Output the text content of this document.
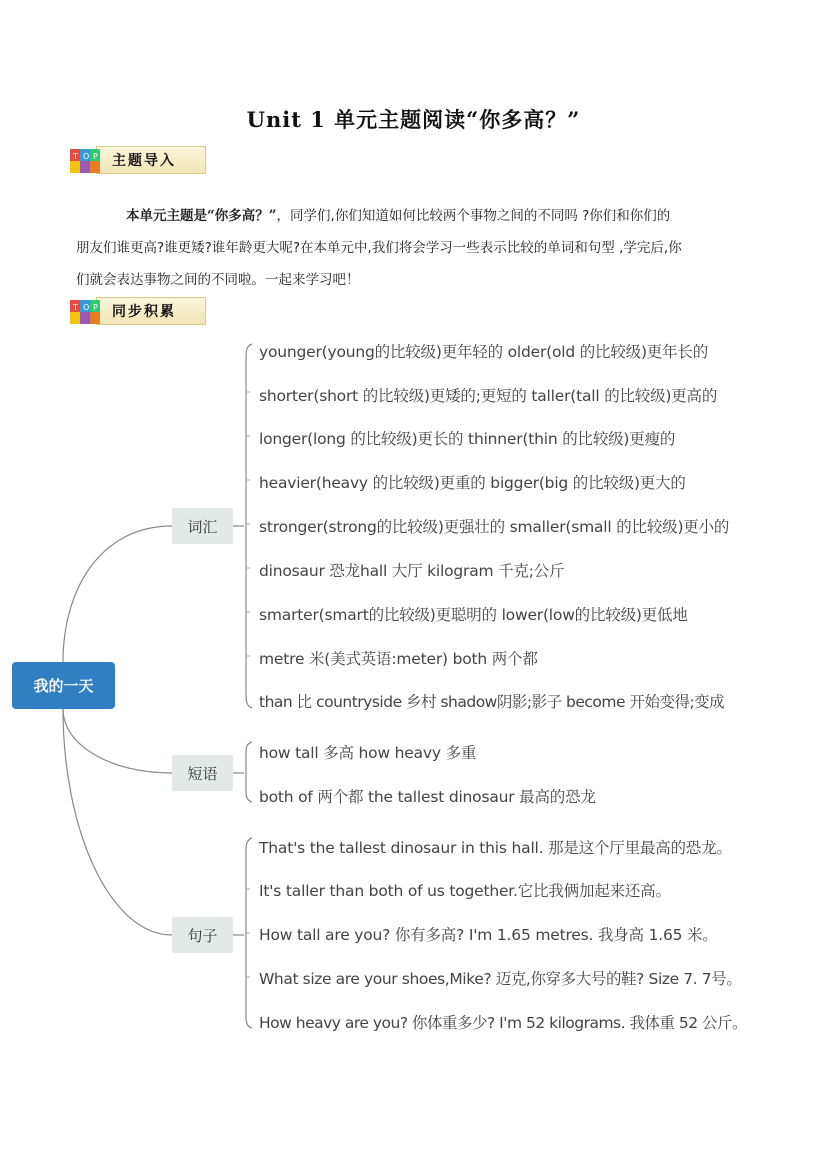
Unit 1 单元主题阅读“你多高？”
T O P 主题导入

本单元主题是“你多高？”，同学们,你们知道如何比较两个事物之间的不同吗 ?你们和你们的

朋友们谁更高?谁更矮?谁年龄更大呢?在本单元中,我们将会学习一些表示比较的单词和句型 ,学完后,你
们就会表达事物之间的不同啦。一起来学习吧！
T O P 同步积累
我的一天
词汇
短语
句子
younger(young的比较级)更年轻的 older(old 的比较级)更年长的
shorter(short 的比较级)更矮的;更短的 taller(tall 的比较级)更高的
longer(long 的比较级)更长的 thinner(thin 的比较级)更瘦的
heavier(heavy 的比较级)更重的 bigger(big 的比较级)更大的
stronger(strong的比较级)更强壮的 smaller(small 的比较级)更小的
dinosaur 恐龙hall 大厅 kilogram 千克;公斤
smarter(smart的比较级)更聪明的 lower(low的比较级)更低地
metre 米(美式英语:meter) both 两个都
than 比 countryside 乡村 shadow阴影;影子 become 开始变得;变成
how tall 多高 how heavy 多重
both of 两个都 the tallest dinosaur 最高的恐龙
That's the tallest dinosaur in this hall. 那是这个厅里最高的恐龙。
It's taller than both of us together.它比我俩加起来还高。
How tall are you? 你有多高? I'm 1.65 metres. 我身高 1.65 米。
What size are your shoes,Mike? 迈克,你穿多大号的鞋? Size 7. 7号。
How heavy are you? 你体重多少? I'm 52 kilograms. 我体重 52 公斤。
